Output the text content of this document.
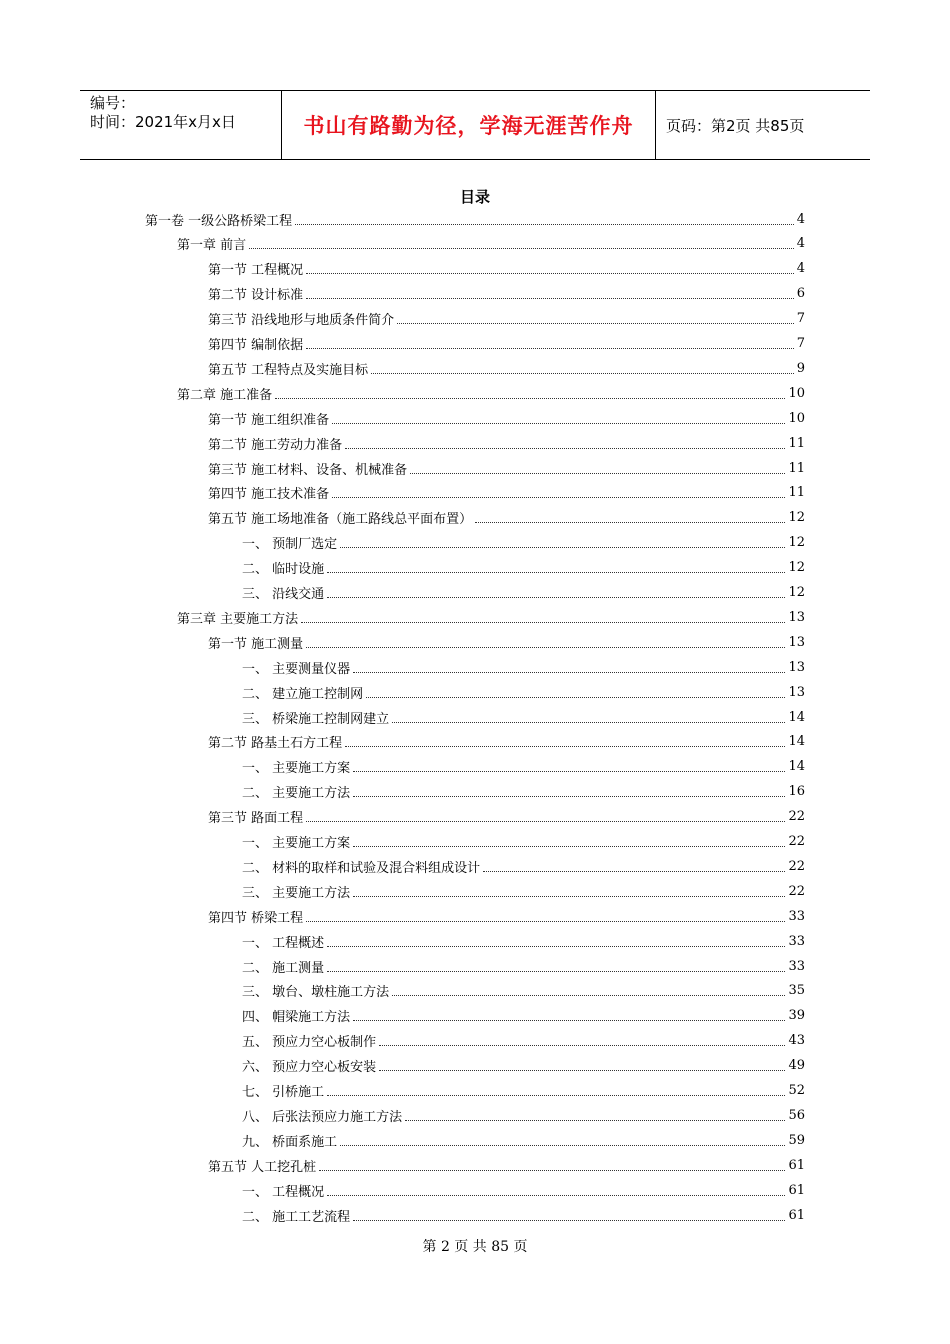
编号：
时间：2021年x月x日	书山有路勤为径，学海无涯苦作舟 页码：第2页 共85页
目录
第一卷 一级公路桥梁工程	4
第一章 前言	4
第一节 工程概况	4
第二节 设计标准	6
第三节 沿线地形与地质条件简介	7
第四节 编制依据	7
第五节 工程特点及实施目标	9
第二章 施工准备	10
第一节 施工组织准备	10
第二节 施工劳动力准备	11
第三节 施工材料、设备、机械准备	11
第四节 施工技术准备	11
第五节 施工场地准备（施工路线总平面布置）	12
一、 预制厂选定	12
二、 临时设施	12
三、 沿线交通	12
第三章 主要施工方法	13
第一节 施工测量	13
一、 主要测量仪器	13
二、 建立施工控制网	13
三、 桥梁施工控制网建立	14
第二节 路基土石方工程	14
一、 主要施工方案	14
二、 主要施工方法	16
第三节 路面工程	22
一、 主要施工方案	22
二、 材料的取样和试验及混合料组成设计	22
三、 主要施工方法	22
第四节 桥梁工程	33
一、 工程概述	33
二、 施工测量	33
三、 墩台、墩柱施工方法	35
四、 帽梁施工方法	39
五、 预应力空心板制作	43
六、 预应力空心板安装	49
七、 引桥施工	52
八、 后张法预应力施工方法	56
九、 桥面系施工	59
第五节 人工挖孔桩	61
一、 工程概况	61
二、 施工工艺流程	61
第 2 页 共 85 页
